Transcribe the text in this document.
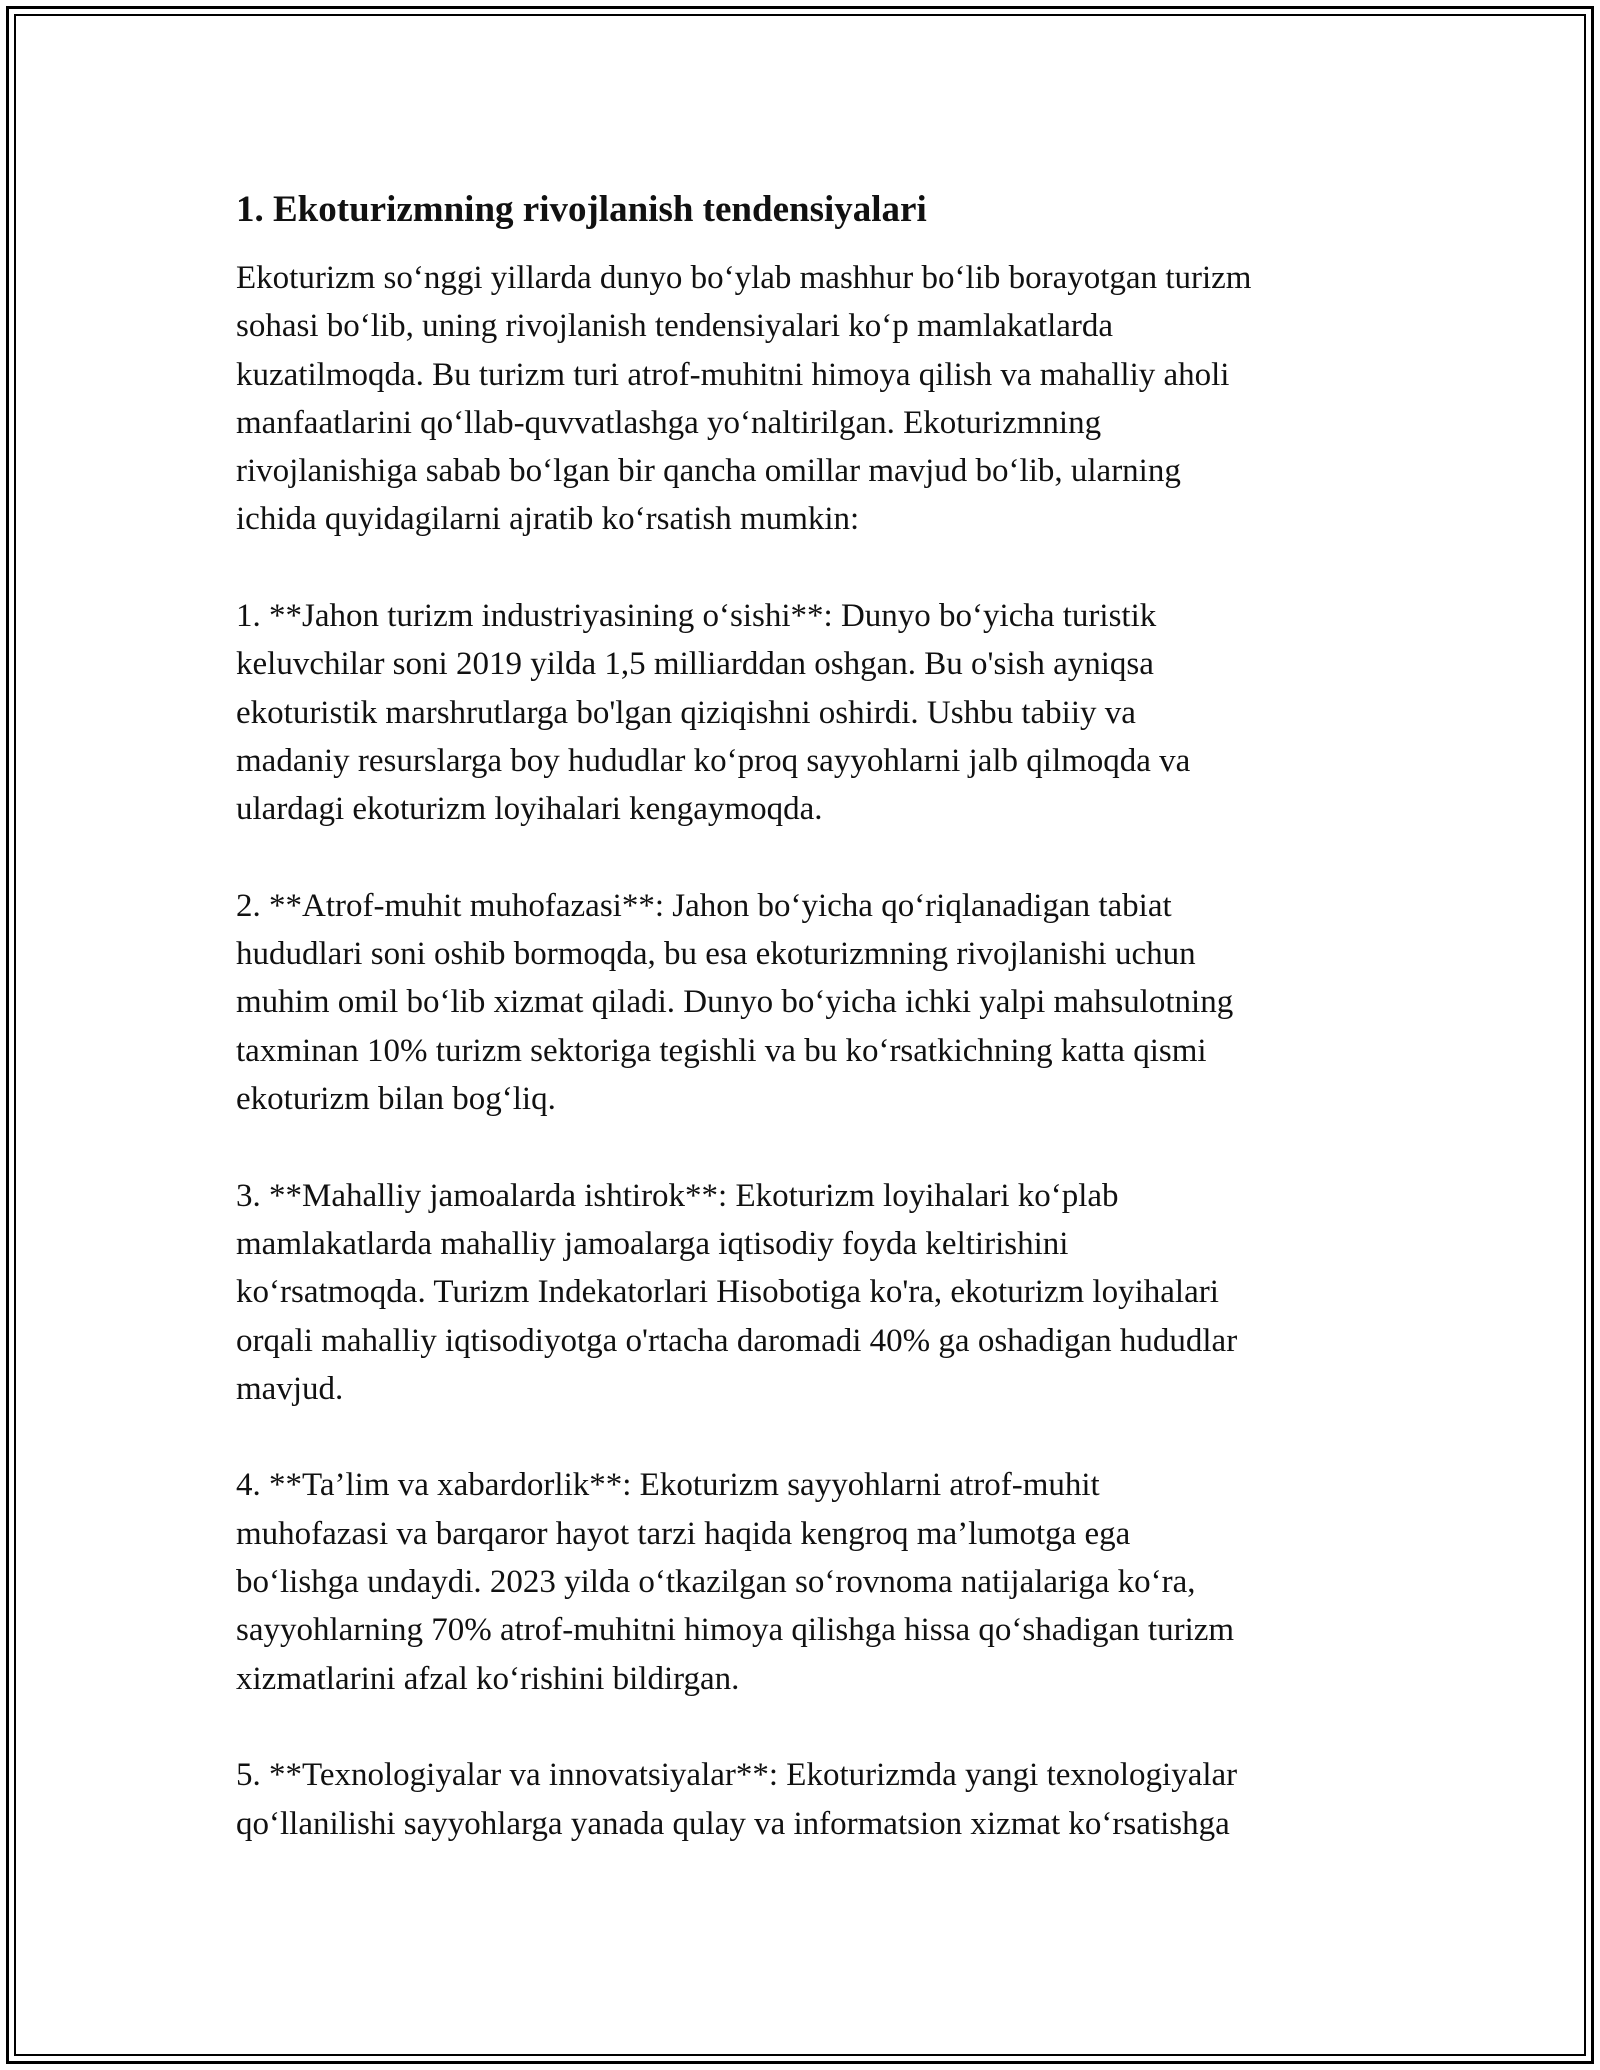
1. Ekoturizmning rivojlanish tendensiyalari

Ekoturizm so‘nggi yillarda dunyo bo‘ylab mashhur bo‘lib borayotgan turizm
sohasi bo‘lib, uning rivojlanish tendensiyalari ko‘p mamlakatlarda
kuzatilmoqda. Bu turizm turi atrof-muhitni himoya qilish va mahalliy aholi
manfaatlarini qo‘llab-quvvatlashga yo‘naltirilgan. Ekoturizmning
rivojlanishiga sabab bo‘lgan bir qancha omillar mavjud bo‘lib, ularning
ichida quyidagilarni ajratib ko‘rsatish mumkin:

1. **Jahon turizm industriyasining o‘sishi**: Dunyo bo‘yicha turistik
keluvchilar soni 2019 yilda 1,5 milliarddan oshgan. Bu o'sish ayniqsa
ekoturistik marshrutlarga bo'lgan qiziqishni oshirdi. Ushbu tabiiy va
madaniy resurslarga boy hududlar ko‘proq sayyohlarni jalb qilmoqda va
ulardagi ekoturizm loyihalari kengaymoqda.

2. **Atrof-muhit muhofazasi**: Jahon bo‘yicha qo‘riqlanadigan tabiat
hududlari soni oshib bormoqda, bu esa ekoturizmning rivojlanishi uchun
muhim omil bo‘lib xizmat qiladi. Dunyo bo‘yicha ichki yalpi mahsulotning
taxminan 10% turizm sektoriga tegishli va bu ko‘rsatkichning katta qismi
ekoturizm bilan bog‘liq.

3. **Mahalliy jamoalarda ishtirok**: Ekoturizm loyihalari ko‘plab
mamlakatlarda mahalliy jamoalarga iqtisodiy foyda keltirishini
ko‘rsatmoqda. Turizm Indekatorlari Hisobotiga ko'ra, ekoturizm loyihalari
orqali mahalliy iqtisodiyotga o'rtacha daromadi 40% ga oshadigan hududlar
mavjud.

4. **Ta’lim va xabardorlik**: Ekoturizm sayyohlarni atrof-muhit
muhofazasi va barqaror hayot tarzi haqida kengroq ma’lumotga ega
bo‘lishga undaydi. 2023 yilda o‘tkazilgan so‘rovnoma natijalariga ko‘ra,
sayyohlarning 70% atrof-muhitni himoya qilishga hissa qo‘shadigan turizm
xizmatlarini afzal ko‘rishini bildirgan.

5. **Texnologiyalar va innovatsiyalar**: Ekoturizmda yangi texnologiyalar
qo‘llanilishi sayyohlarga yanada qulay va informatsion xizmat ko‘rsatishga
